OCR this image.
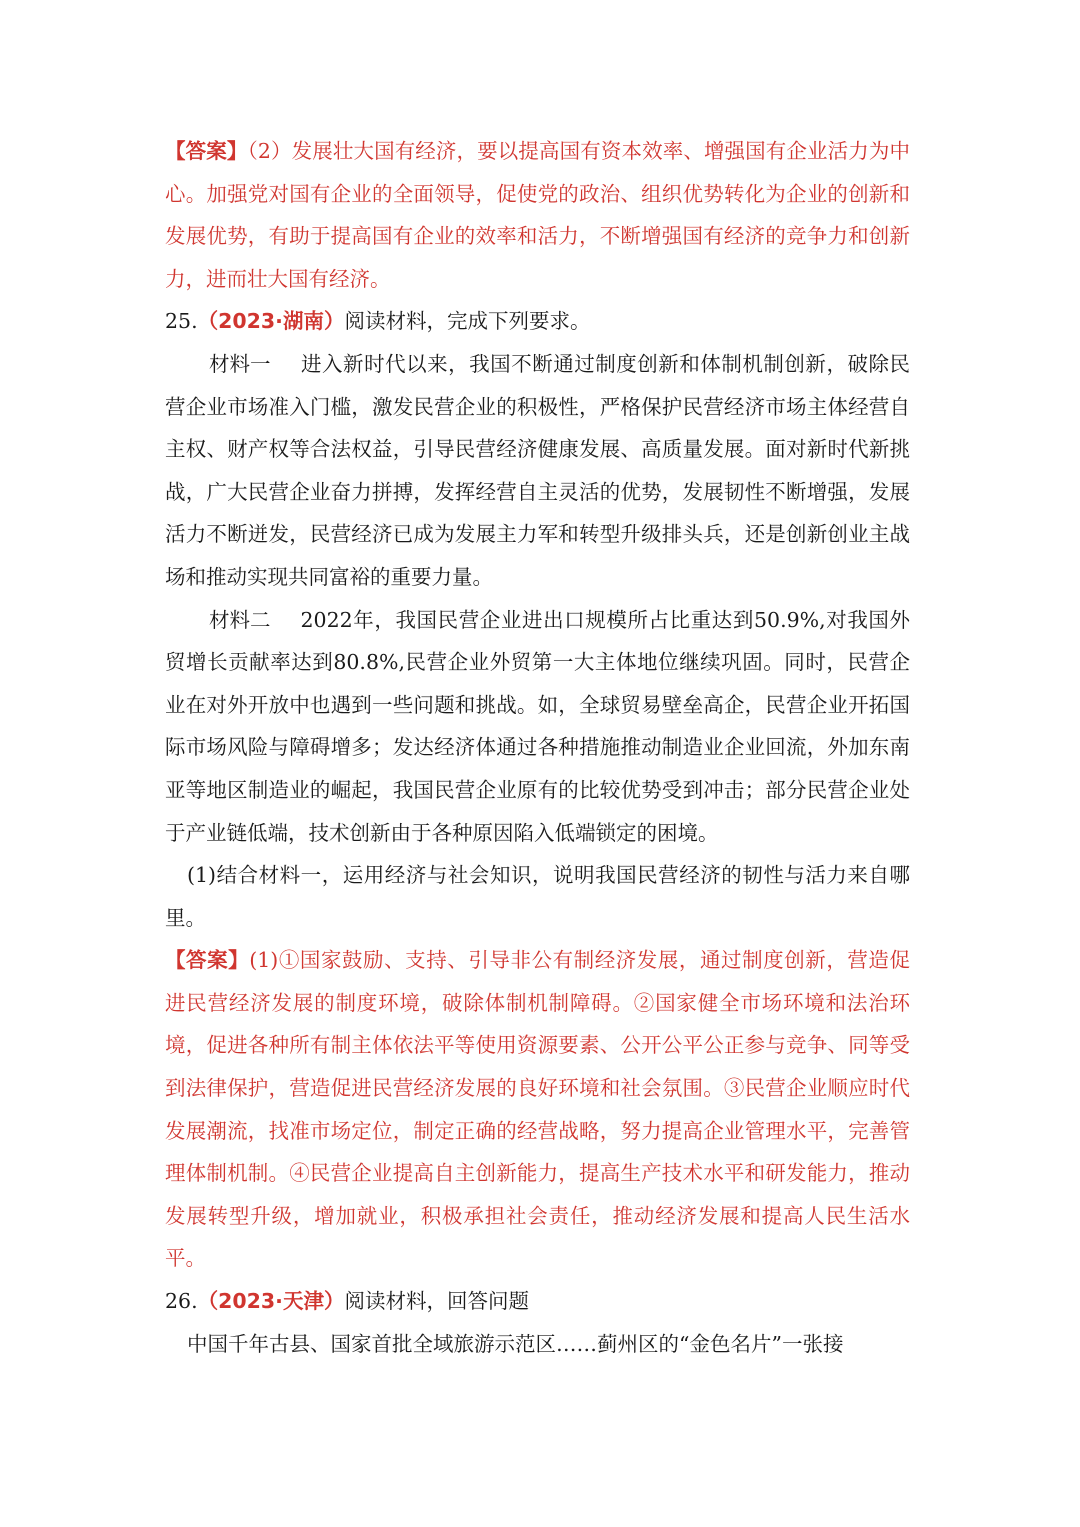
【答案】（2）发展壮大国有经济，要以提高国有资本效率、增强国有企业活力为中心。加强党对国有企业的全面领导，促使党的政治、组织优势转化为企业的创新和发展优势，有助于提高国有企业的效率和活力，不断增强国有经济的竞争力和创新力，进而壮大国有经济。

25.（2023·湖南）阅读材料，完成下列要求。

材料一 进入新时代以来，我国不断通过制度创新和体制机制创新，破除民营企业市场准入门槛，激发民营企业的积极性，严格保护民营经济市场主体经营自主权、财产权等合法权益，引导民营经济健康发展、高质量发展。面对新时代新挑战，广大民营企业奋力拼搏，发挥经营自主灵活的优势，发展韧性不断增强，发展活力不断迸发，民营经济已成为发展主力军和转型升级排头兵，还是创新创业主战场和推动实现共同富裕的重要力量。

材料二 2022年，我国民营企业进出口规模所占比重达到50.9%,对我国外贸增长贡献率达到80.8%,民营企业外贸第一大主体地位继续巩固。同时，民营企业在对外开放中也遇到一些问题和挑战。如，全球贸易壁垒高企，民营企业开拓国际市场风险与障碍增多；发达经济体通过各种措施推动制造业企业回流，外加东南亚等地区制造业的崛起，我国民营企业原有的比较优势受到冲击；部分民营企业处于产业链低端，技术创新由于各种原因陷入低端锁定的困境。

(1)结合材料一，运用经济与社会知识，说明我国民营经济的韧性与活力来自哪里。

【答案】(1)①国家鼓励、支持、引导非公有制经济发展，通过制度创新，营造促进民营经济发展的制度环境，破除体制机制障碍。②国家健全市场环境和法治环境，促进各种所有制主体依法平等使用资源要素、公开公平公正参与竞争、同等受到法律保护，营造促进民营经济发展的良好环境和社会氛围。③民营企业顺应时代发展潮流，找准市场定位，制定正确的经营战略，努力提高企业管理水平，完善管理体制机制。④民营企业提高自主创新能力，提高生产技术水平和研发能力，推动发展转型升级，增加就业，积极承担社会责任，推动经济发展和提高人民生活水平。

26.（2023·天津）阅读材料，回答问题

中国千年古县、国家首批全域旅游示范区……蓟州区的“金色名片”一张接
